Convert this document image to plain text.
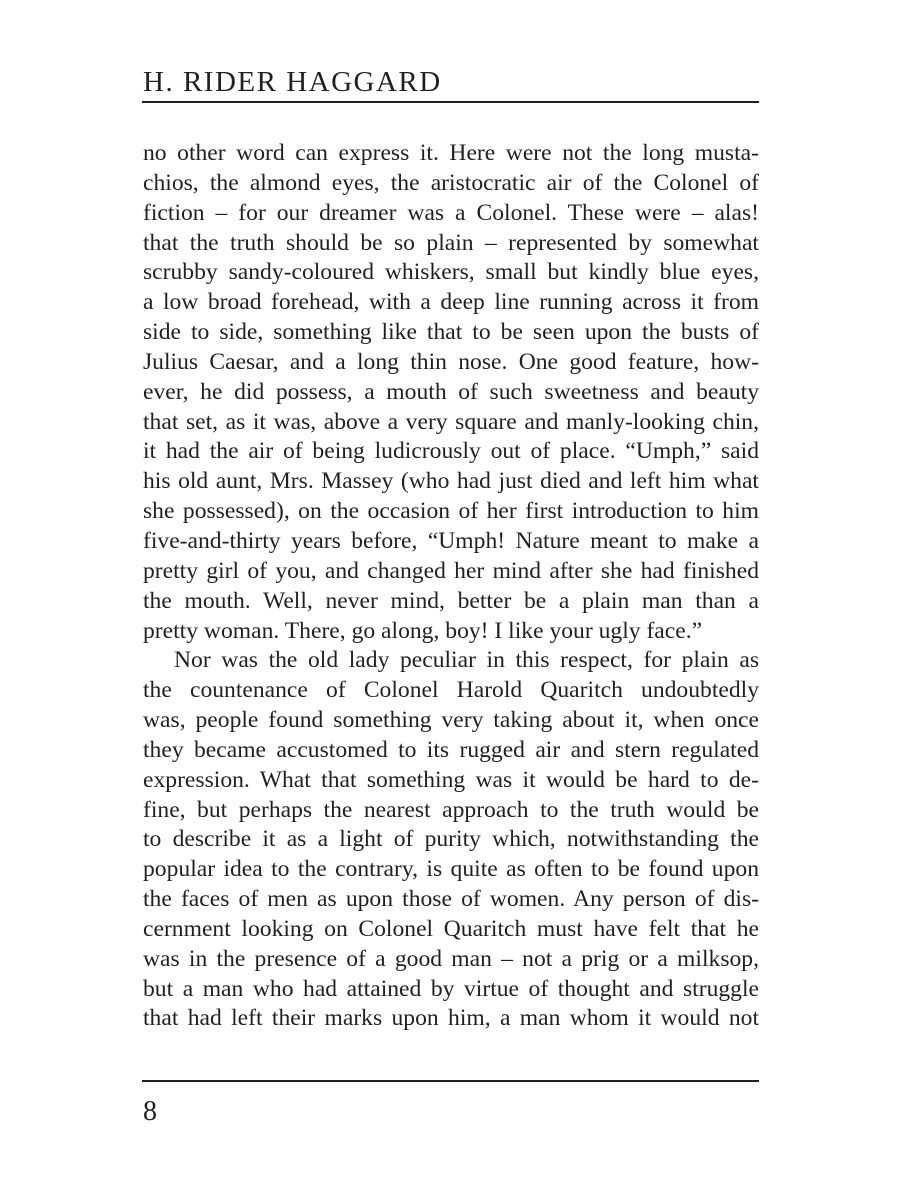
H. RIDER HAGGARD
no other word can express it. Here were not the long musta-
chios, the almond eyes, the aristocratic air of the Colonel of
fiction – for our dreamer was a Colonel. These were – alas!
that the truth should be so plain – represented by somewhat
scrubby sandy-coloured whiskers, small but kindly blue eyes,
a low broad forehead, with a deep line running across it from
side to side, something like that to be seen upon the busts of
Julius Caesar, and a long thin nose. One good feature, how-
ever, he did possess, a mouth of such sweetness and beauty
that set, as it was, above a very square and manly-looking chin,
it had the air of being ludicrously out of place. “Umph,” said
his old aunt, Mrs. Massey (who had just died and left him what
she possessed), on the occasion of her first introduction to him
five-and-thirty years before, “Umph! Nature meant to make a
pretty girl of you, and changed her mind after she had finished
the mouth. Well, never mind, better be a plain man than a
pretty woman. There, go along, boy! I like your ugly face.”
Nor was the old lady peculiar in this respect, for plain as
the countenance of Colonel Harold Quaritch undoubtedly
was, people found something very taking about it, when once
they became accustomed to its rugged air and stern regulated
expression. What that something was it would be hard to de-
fine, but perhaps the nearest approach to the truth would be
to describe it as a light of purity which, notwithstanding the
popular idea to the contrary, is quite as often to be found upon
the faces of men as upon those of women. Any person of dis-
cernment looking on Colonel Quaritch must have felt that he
was in the presence of a good man – not a prig or a milksop,
but a man who had attained by virtue of thought and struggle
that had left their marks upon him, a man whom it would not
8
